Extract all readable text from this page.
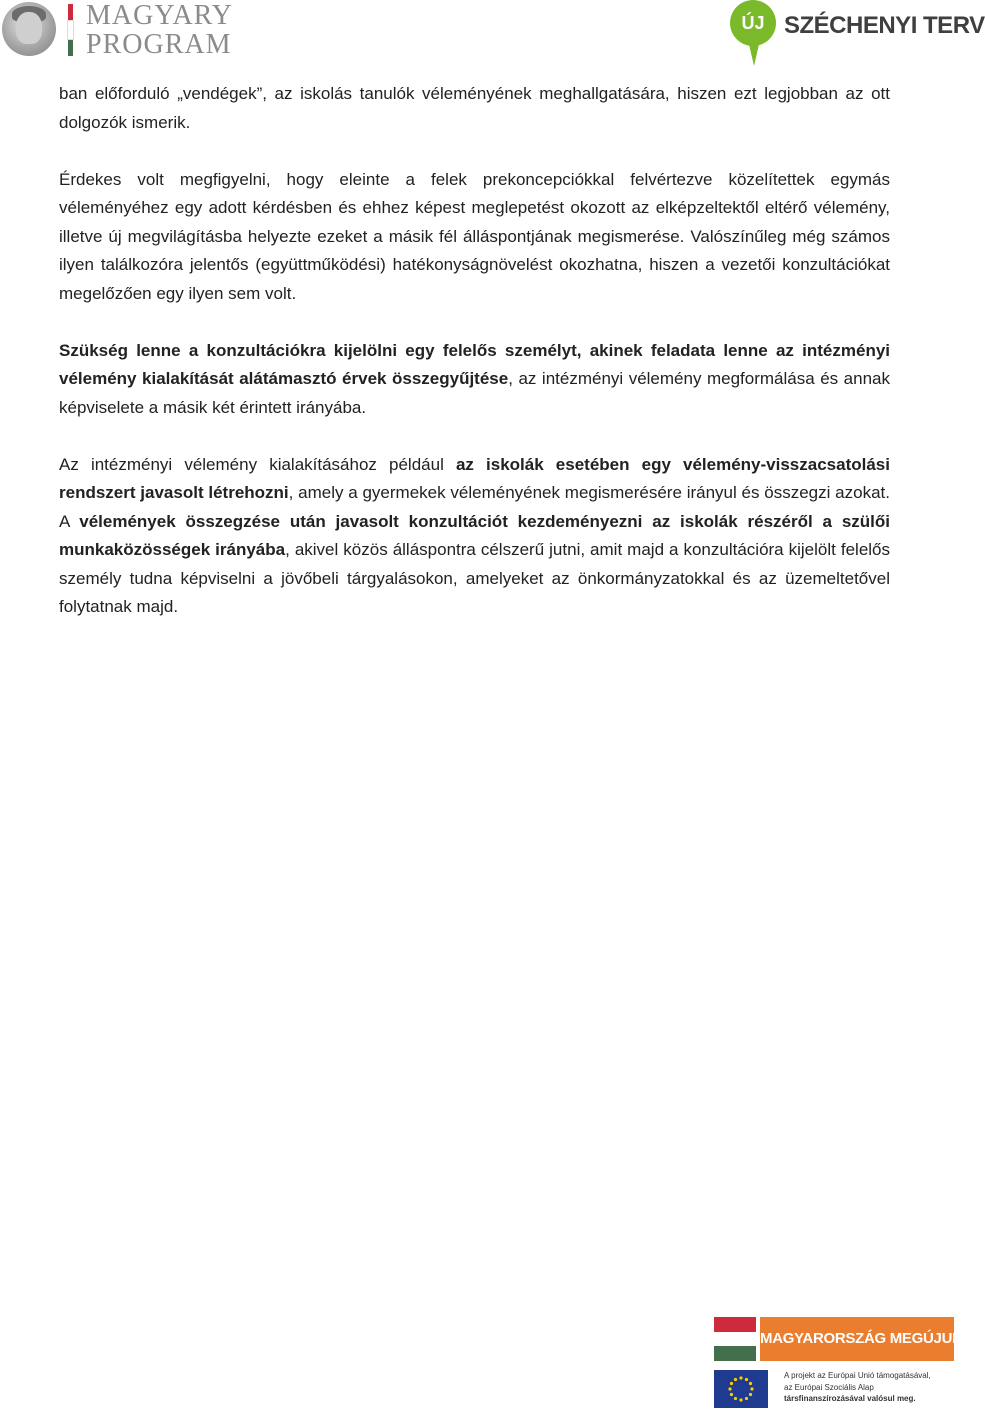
MAGYARY
PROGRAM
ÚJ SZÉCHENYI TERV

ban előforduló „vendégek”, az iskolás tanulók véleményének meghallgatására, hiszen ezt legjobban az ott dolgozók ismerik.

Érdekes volt megfigyelni, hogy eleinte a felek prekoncepciókkal felvértezve közelítettek egymás véleményéhez egy adott kérdésben és ehhez képest meglepetést okozott az elképzeltektől eltérő vélemény, illetve új megvilágításba helyezte ezeket a másik fél álláspontjának megismerése. Valószínűleg még számos ilyen találkozóra jelentős (együttműködési) hatékonyságnövelést okozhatna, hiszen a vezetői konzultációkat megelőzően egy ilyen sem volt.

Szükség lenne a konzultációkra kijelölni egy felelős személyt, akinek feladata lenne az intézményi vélemény kialakítását alátámasztó érvek összegyűjtése, az intézményi vélemény megformálása és annak képviselete a másik két érintett irányába.

Az intézményi vélemény kialakításához például az iskolák esetében egy vélemény-visszacsatolási rendszert javasolt létrehozni, amely a gyermekek véleményének megismerésére irányul és összegzi azokat. A vélemények összegzése után javasolt konzultációt kezdeményezni az iskolák részéről a szülői munkaközösségek irányába, akivel közös álláspontra célszerű jutni, amit majd a konzultációra kijelölt felelős személy tudna képviselni a jövőbeli tárgyalásokon, amelyeket az önkormányzatokkal és az üzemeltetővel folytatnak majd.

MAGYARORSZÁG MEGÚJUL
A projekt az Európai Unió támogatásával,
az Európai Szociális Alap
társfinanszírozásával valósul meg.
